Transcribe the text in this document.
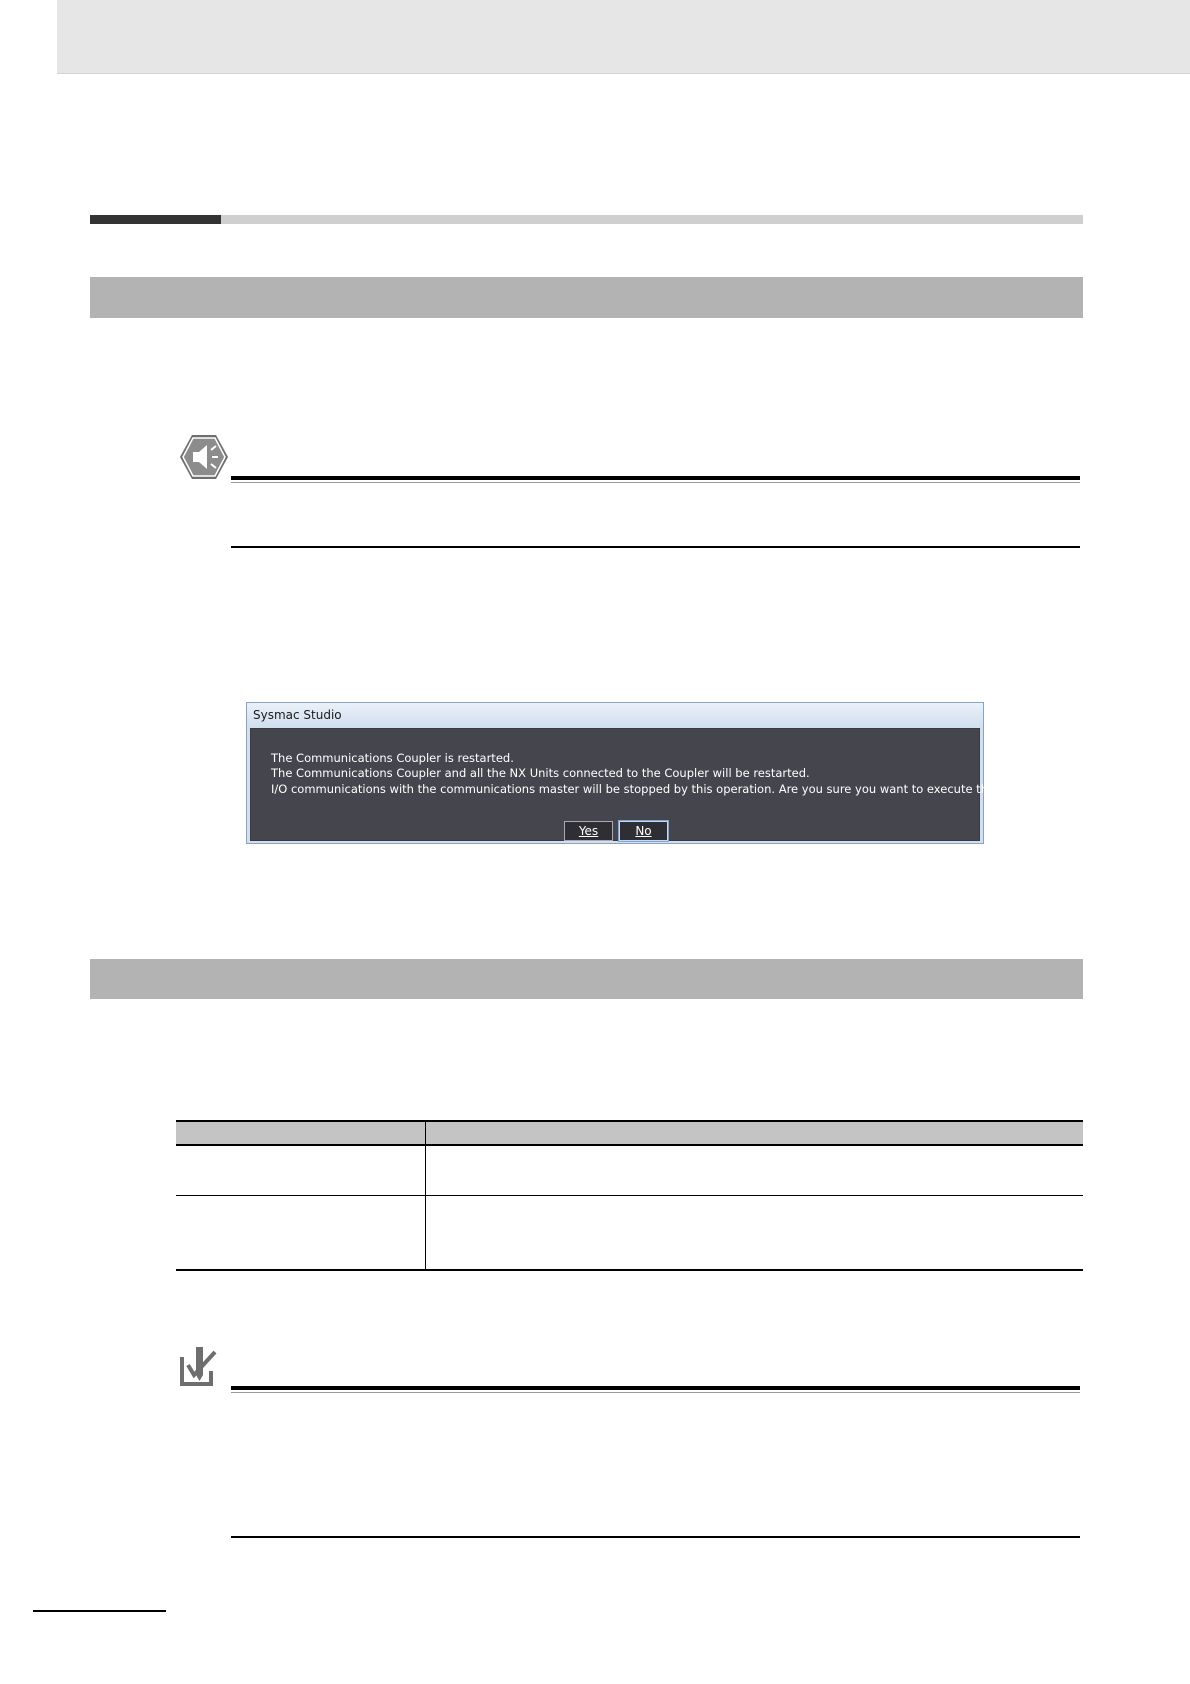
Sysmac Studio

The Communications Coupler is restarted.

The Communications Coupler and all the NX Units connected to the Coupler will be restarted.

I/O communications with the communications master will be stopped by this operation. Are you sure you want to execute the restart?

Yes	No
